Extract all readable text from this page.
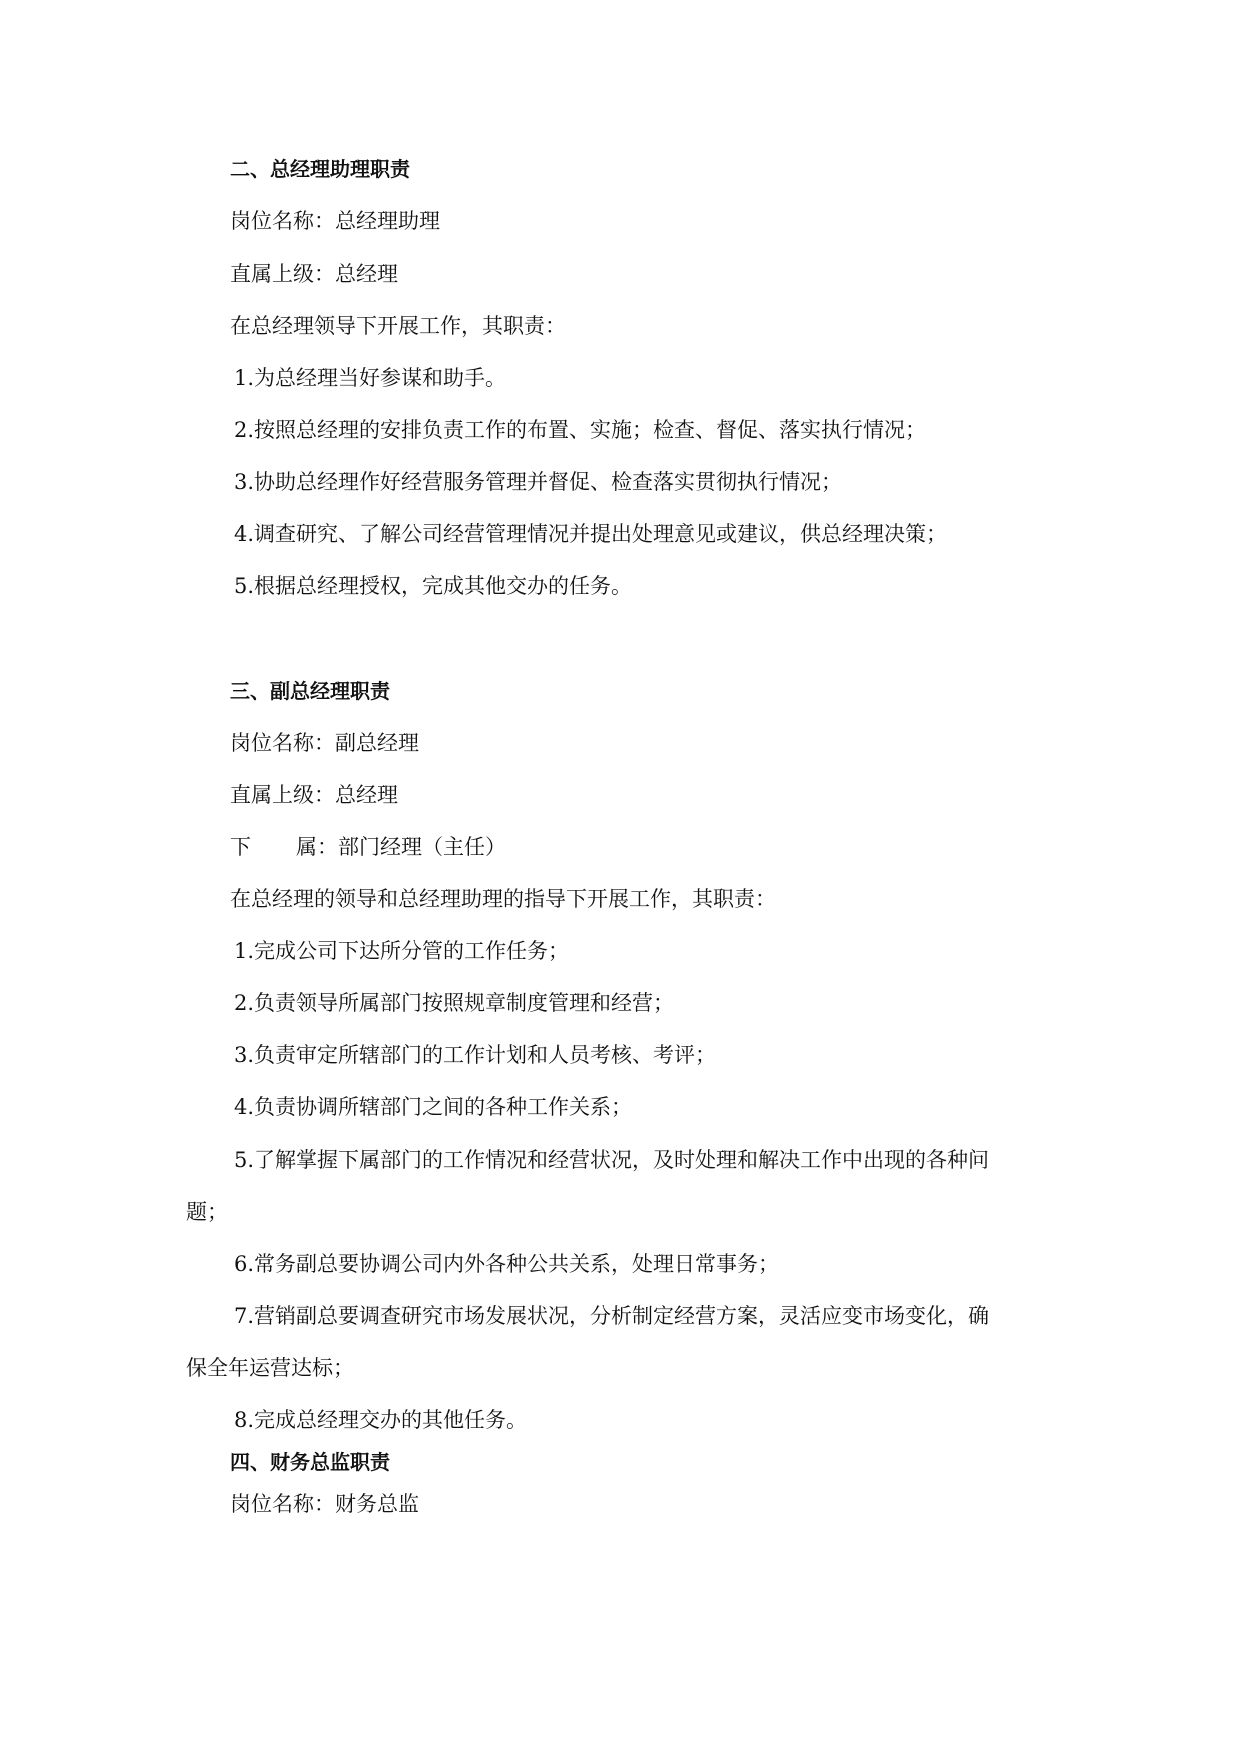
二、总经理助理职责
岗位名称：总经理助理
直属上级：总经理
在总经理领导下开展工作，其职责：
1.为总经理当好参谋和助手。
2.按照总经理的安排负责工作的布置、实施；检查、督促、落实执行情况；
3.协助总经理作好经营服务管理并督促、检查落实贯彻执行情况；
4.调查研究、了解公司经营管理情况并提出处理意见或建议，供总经理决策；
5.根据总经理授权，完成其他交办的任务。
三、副总经理职责
岗位名称：副总经理
直属上级：总经理
下 属：部门经理（主任）
在总经理的领导和总经理助理的指导下开展工作，其职责：
1.完成公司下达所分管的工作任务；
2.负责领导所属部门按照规章制度管理和经营；
3.负责审定所辖部门的工作计划和人员考核、考评；
4.负责协调所辖部门之间的各种工作关系；
5.了解掌握下属部门的工作情况和经营状况，及时处理和解决工作中出现的各种问
题；
6.常务副总要协调公司内外各种公共关系，处理日常事务；
7.营销副总要调查研究市场发展状况，分析制定经营方案，灵活应变市场变化，确
保全年运营达标；
8.完成总经理交办的其他任务。
四、财务总监职责
岗位名称：财务总监
